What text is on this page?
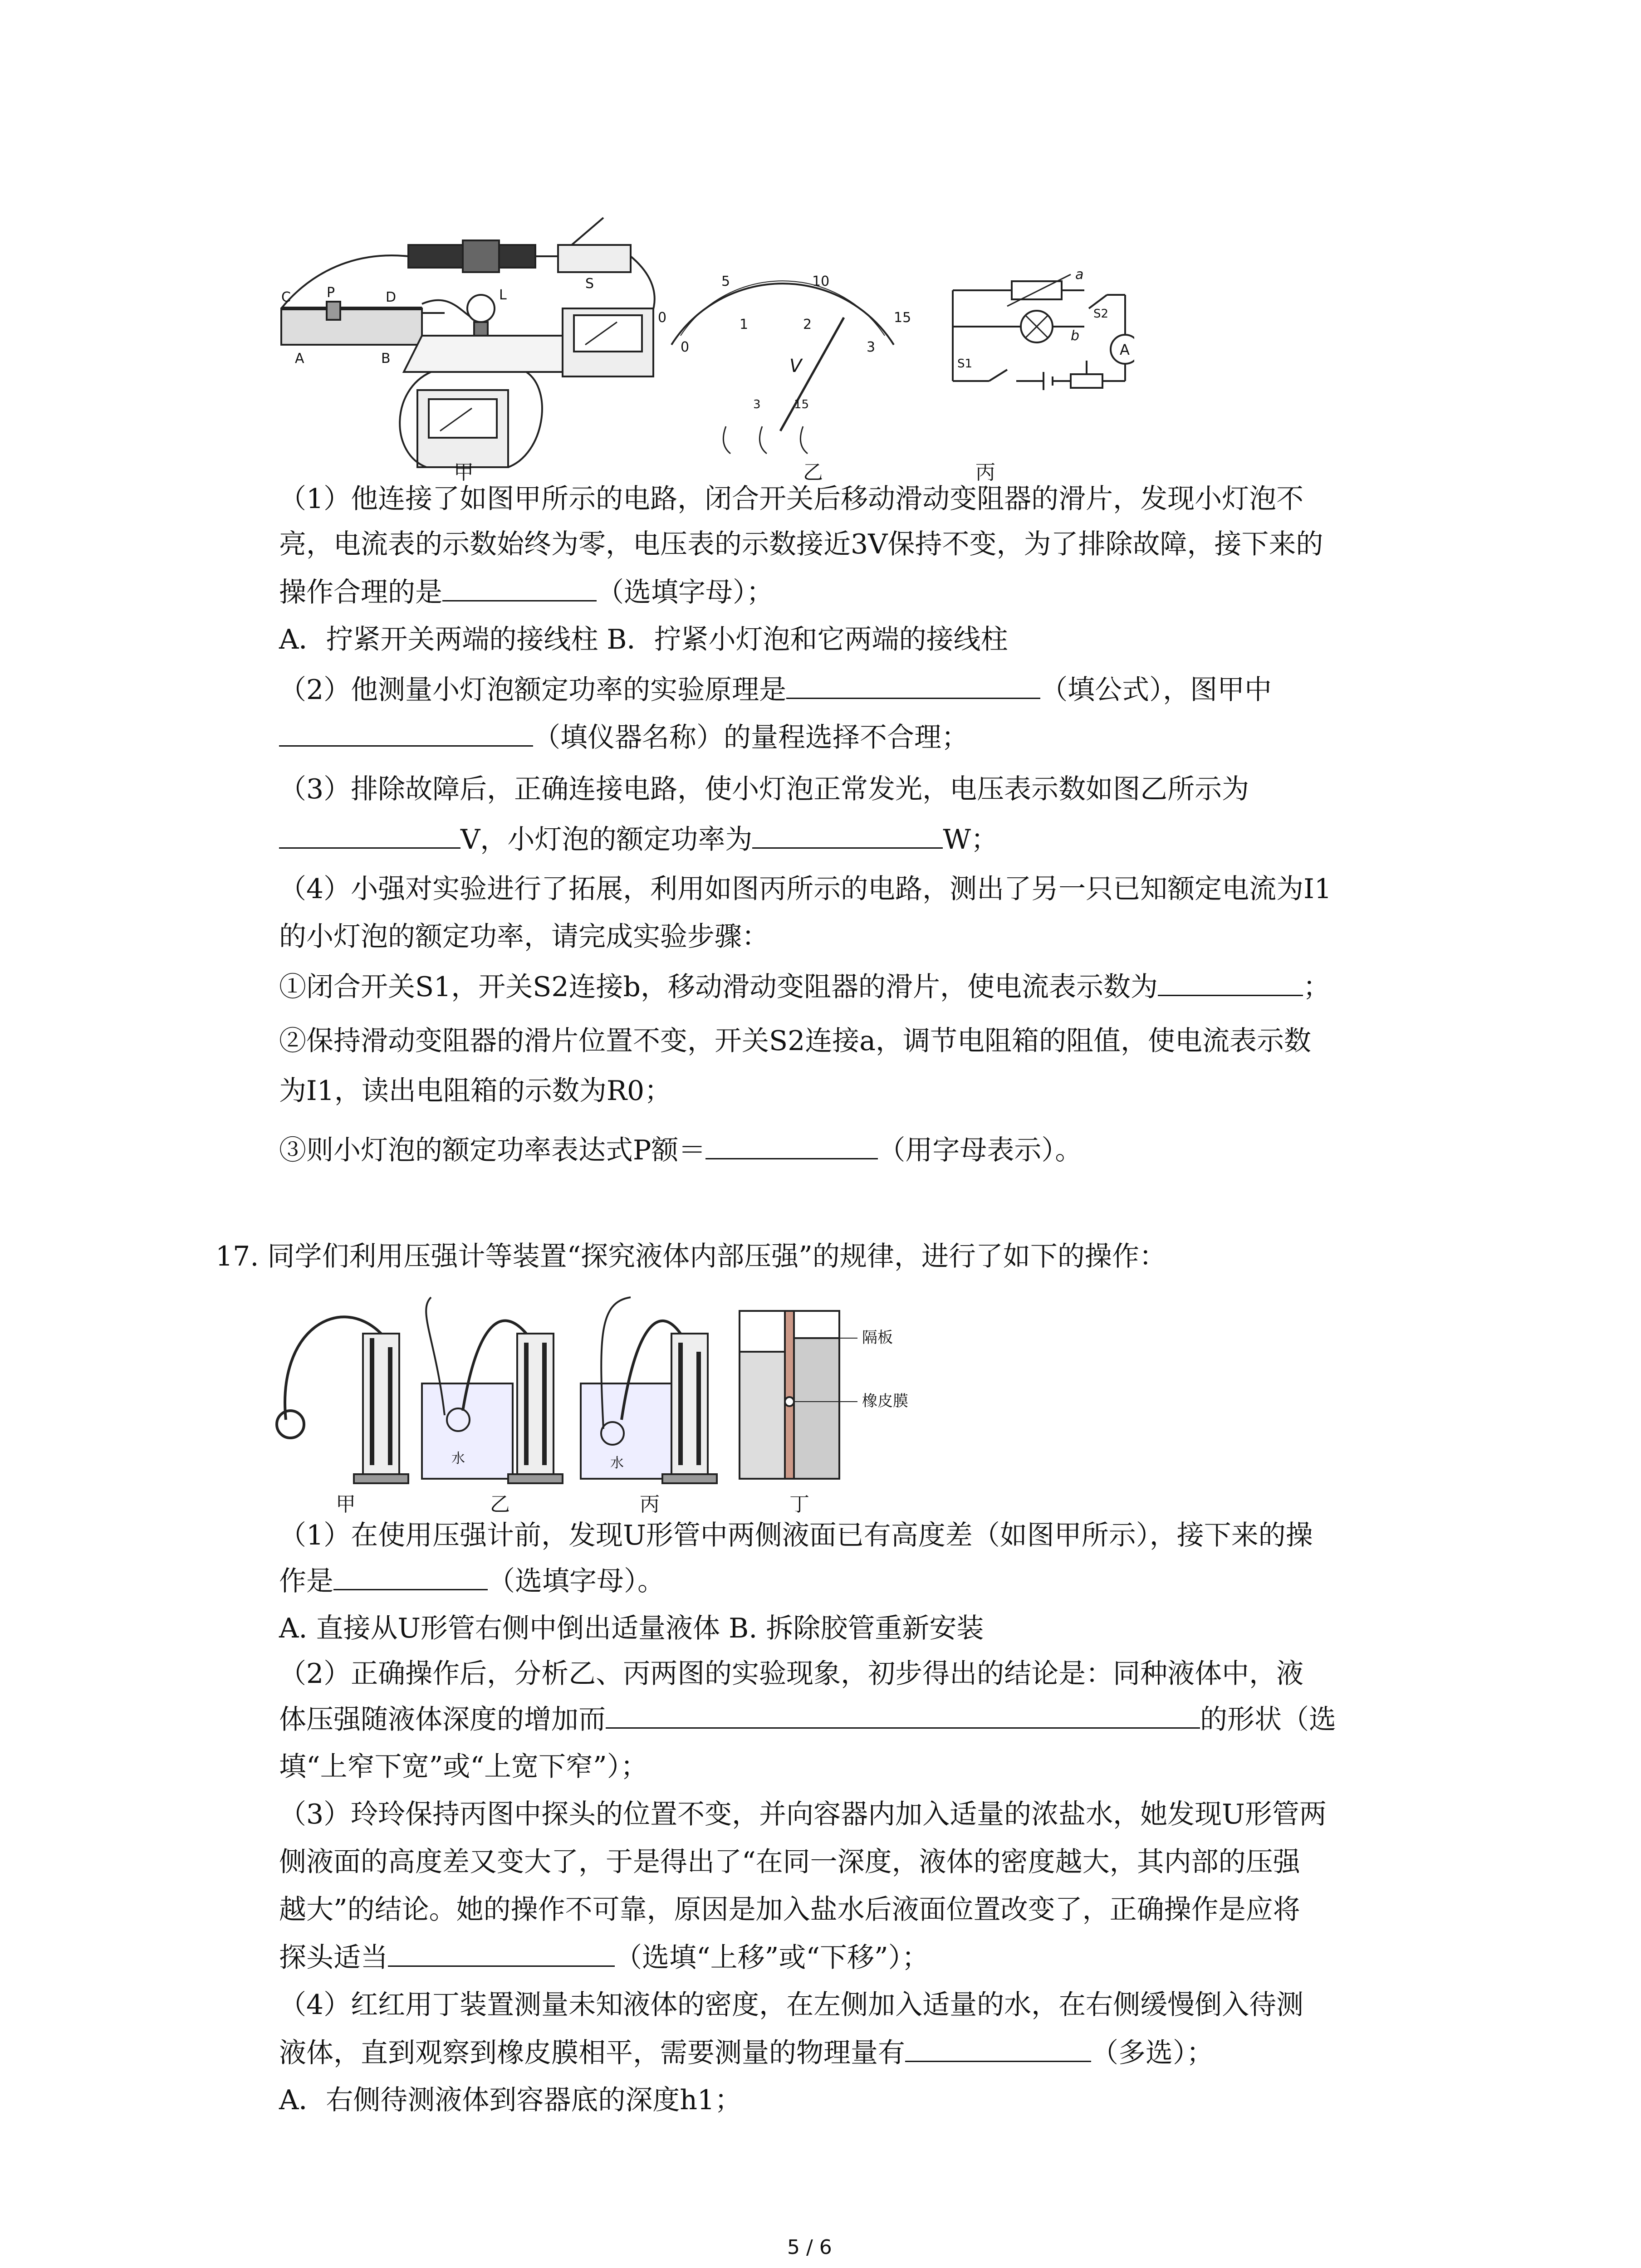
C	P	D
A	B
L
S
V
0
5	10
15
0
1	2
3
3	15
a
b
S2
S1
A
甲	乙	丙
（1）他连接了如图甲所示的电路，闭合开关后移动滑动变阻器的滑片，发现小灯泡不
亮，电流表的示数始终为零，电压表的示数接近3V保持不变，为了排除故障，接下来的
操作合理的是	（选填字母）；
A．拧紧开关两端的接线柱 B．拧紧小灯泡和它两端的接线柱
（2）他测量小灯泡额定功率的实验原理是	（填公式），图甲中
（填仪器名称）的量程选择不合理；
（3）排除故障后，正确连接电路，使小灯泡正常发光，电压表示数如图乙所示为
V，小灯泡的额定功率为	W；
（4）小强对实验进行了拓展，利用如图丙所示的电路，测出了另一只已知额定电流为I1
的小灯泡的额定功率，请完成实验步骤：
①闭合开关S1，开关S2连接b，移动滑动变阻器的滑片，使电流表示数为	；
②保持滑动变阻器的滑片位置不变，开关S2连接a，调节电阻箱的阻值，使电流表示数
为I1，读出电阻箱的示数为R0；
③则小灯泡的额定功率表达式P额＝	（用字母表示）。
17. 同学们利用压强计等装置“探究液体内部压强”的规律，进行了如下的操作：
水	水
隔板
橡皮膜
甲	乙	丙	丁
（1）在使用压强计前，发现U形管中两侧液面已有高度差（如图甲所示），接下来的操
作是	（选填字母）。
A. 直接从U形管右侧中倒出适量液体 B. 拆除胶管重新安装
（2）正确操作后，分析乙、丙两图的实验现象，初步得出的结论是：同种液体中，液
体压强随液体深度的增加而	的形状（选
填“上窄下宽”或“上宽下窄”）；
（3）玲玲保持丙图中探头的位置不变，并向容器内加入适量的浓盐水，她发现U形管两
侧液面的高度差又变大了，于是得出了“在同一深度，液体的密度越大，其内部的压强
越大”的结论。她的操作不可靠，原因是加入盐水后液面位置改变了，正确操作是应将
探头适当	（选填“上移”或“下移”）；
（4）红红用丁装置测量未知液体的密度，在左侧加入适量的水，在右侧缓慢倒入待测
液体，直到观察到橡皮膜相平，需要测量的物理量有	（多选）；
A．右侧待测液体到容器底的深度h1；
5 / 6
